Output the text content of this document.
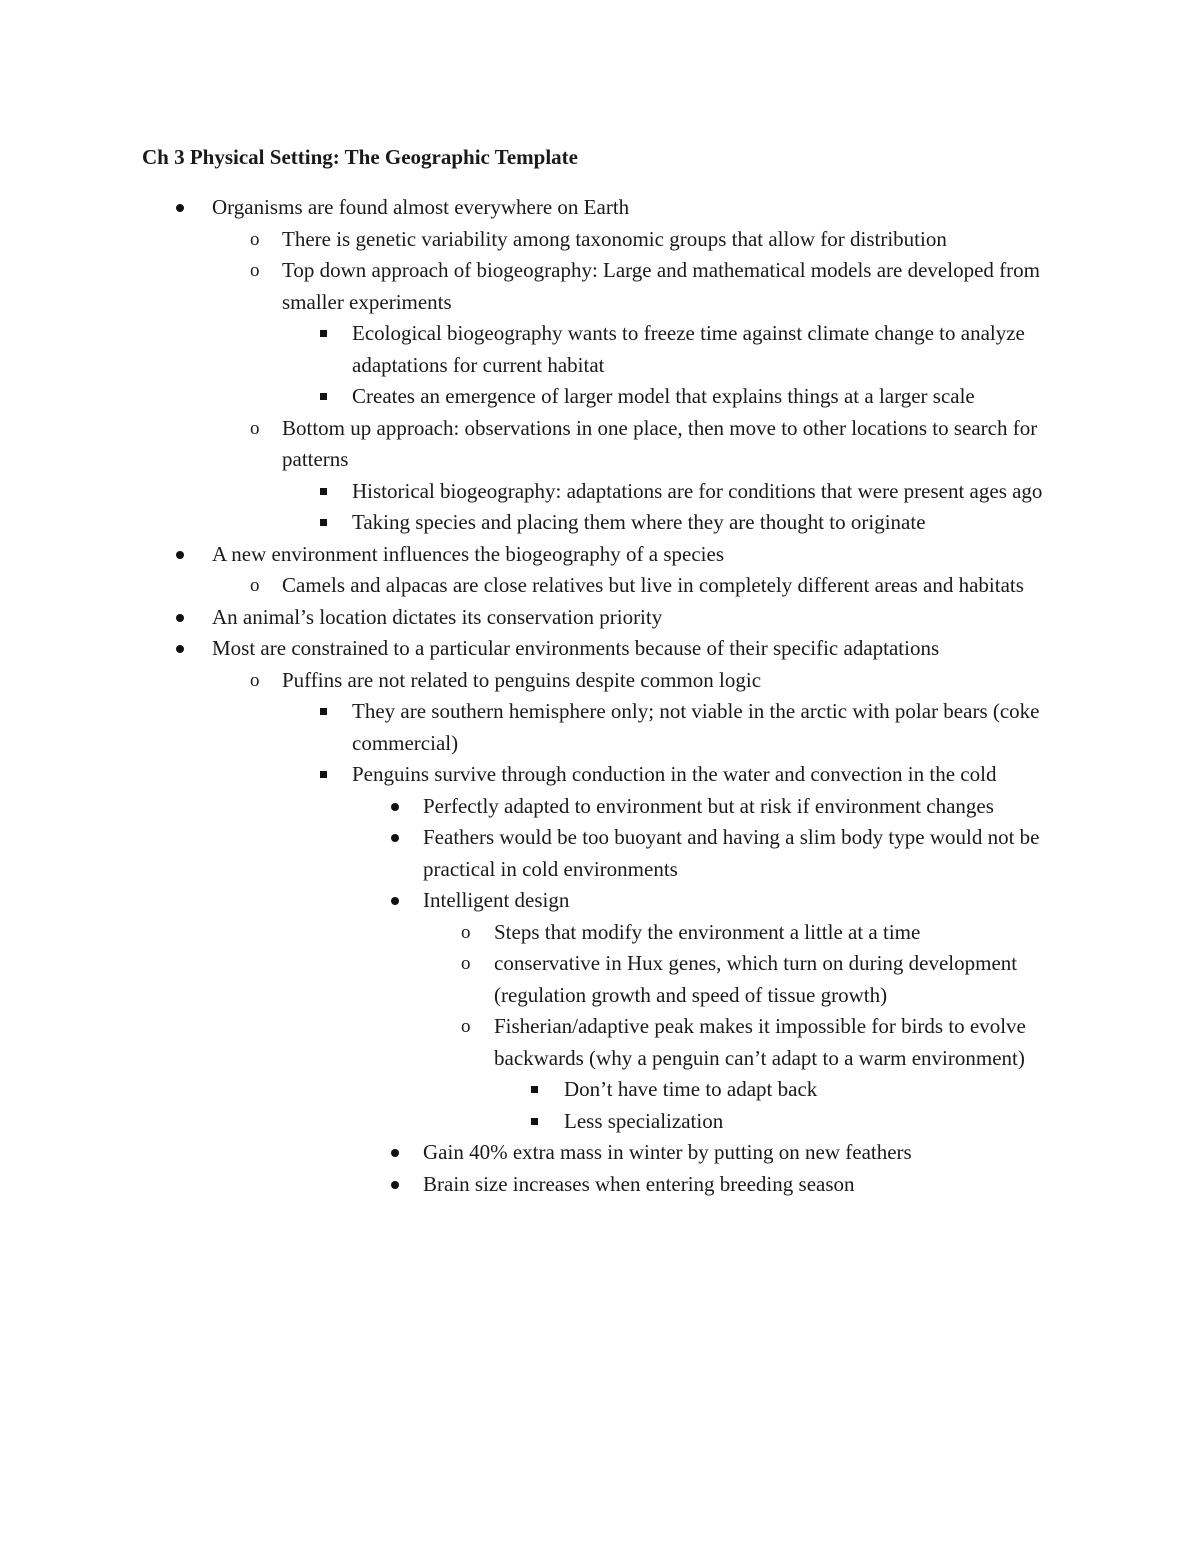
Ch 3 Physical Setting: The Geographic Template
Organisms are found almost everywhere on Earth
o There is genetic variability among taxonomic groups that allow for distribution
o Top down approach of biogeography: Large and mathematical models are developed from smaller experiments
Ecological biogeography wants to freeze time against climate change to analyze adaptations for current habitat
Creates an emergence of larger model that explains things at a larger scale
o Bottom up approach: observations in one place, then move to other locations to search for patterns
Historical biogeography: adaptations are for conditions that were present ages ago
Taking species and placing them where they are thought to originate
A new environment influences the biogeography of a species
o Camels and alpacas are close relatives but live in completely different areas and habitats
An animal’s location dictates its conservation priority
Most are constrained to a particular environments because of their specific adaptations
o Puffins are not related to penguins despite common logic
They are southern hemisphere only; not viable in the arctic with polar bears (coke commercial)
Penguins survive through conduction in the water and convection in the cold
Perfectly adapted to environment but at risk if environment changes
Feathers would be too buoyant and having a slim body type would not be practical in cold environments
Intelligent design
o Steps that modify the environment a little at a time
o conservative in Hux genes, which turn on during development (regulation growth and speed of tissue growth)
o Fisherian/adaptive peak makes it impossible for birds to evolve backwards (why a penguin can’t adapt to a warm environment)
Don’t have time to adapt back
Less specialization
Gain 40% extra mass in winter by putting on new feathers
Brain size increases when entering breeding season
